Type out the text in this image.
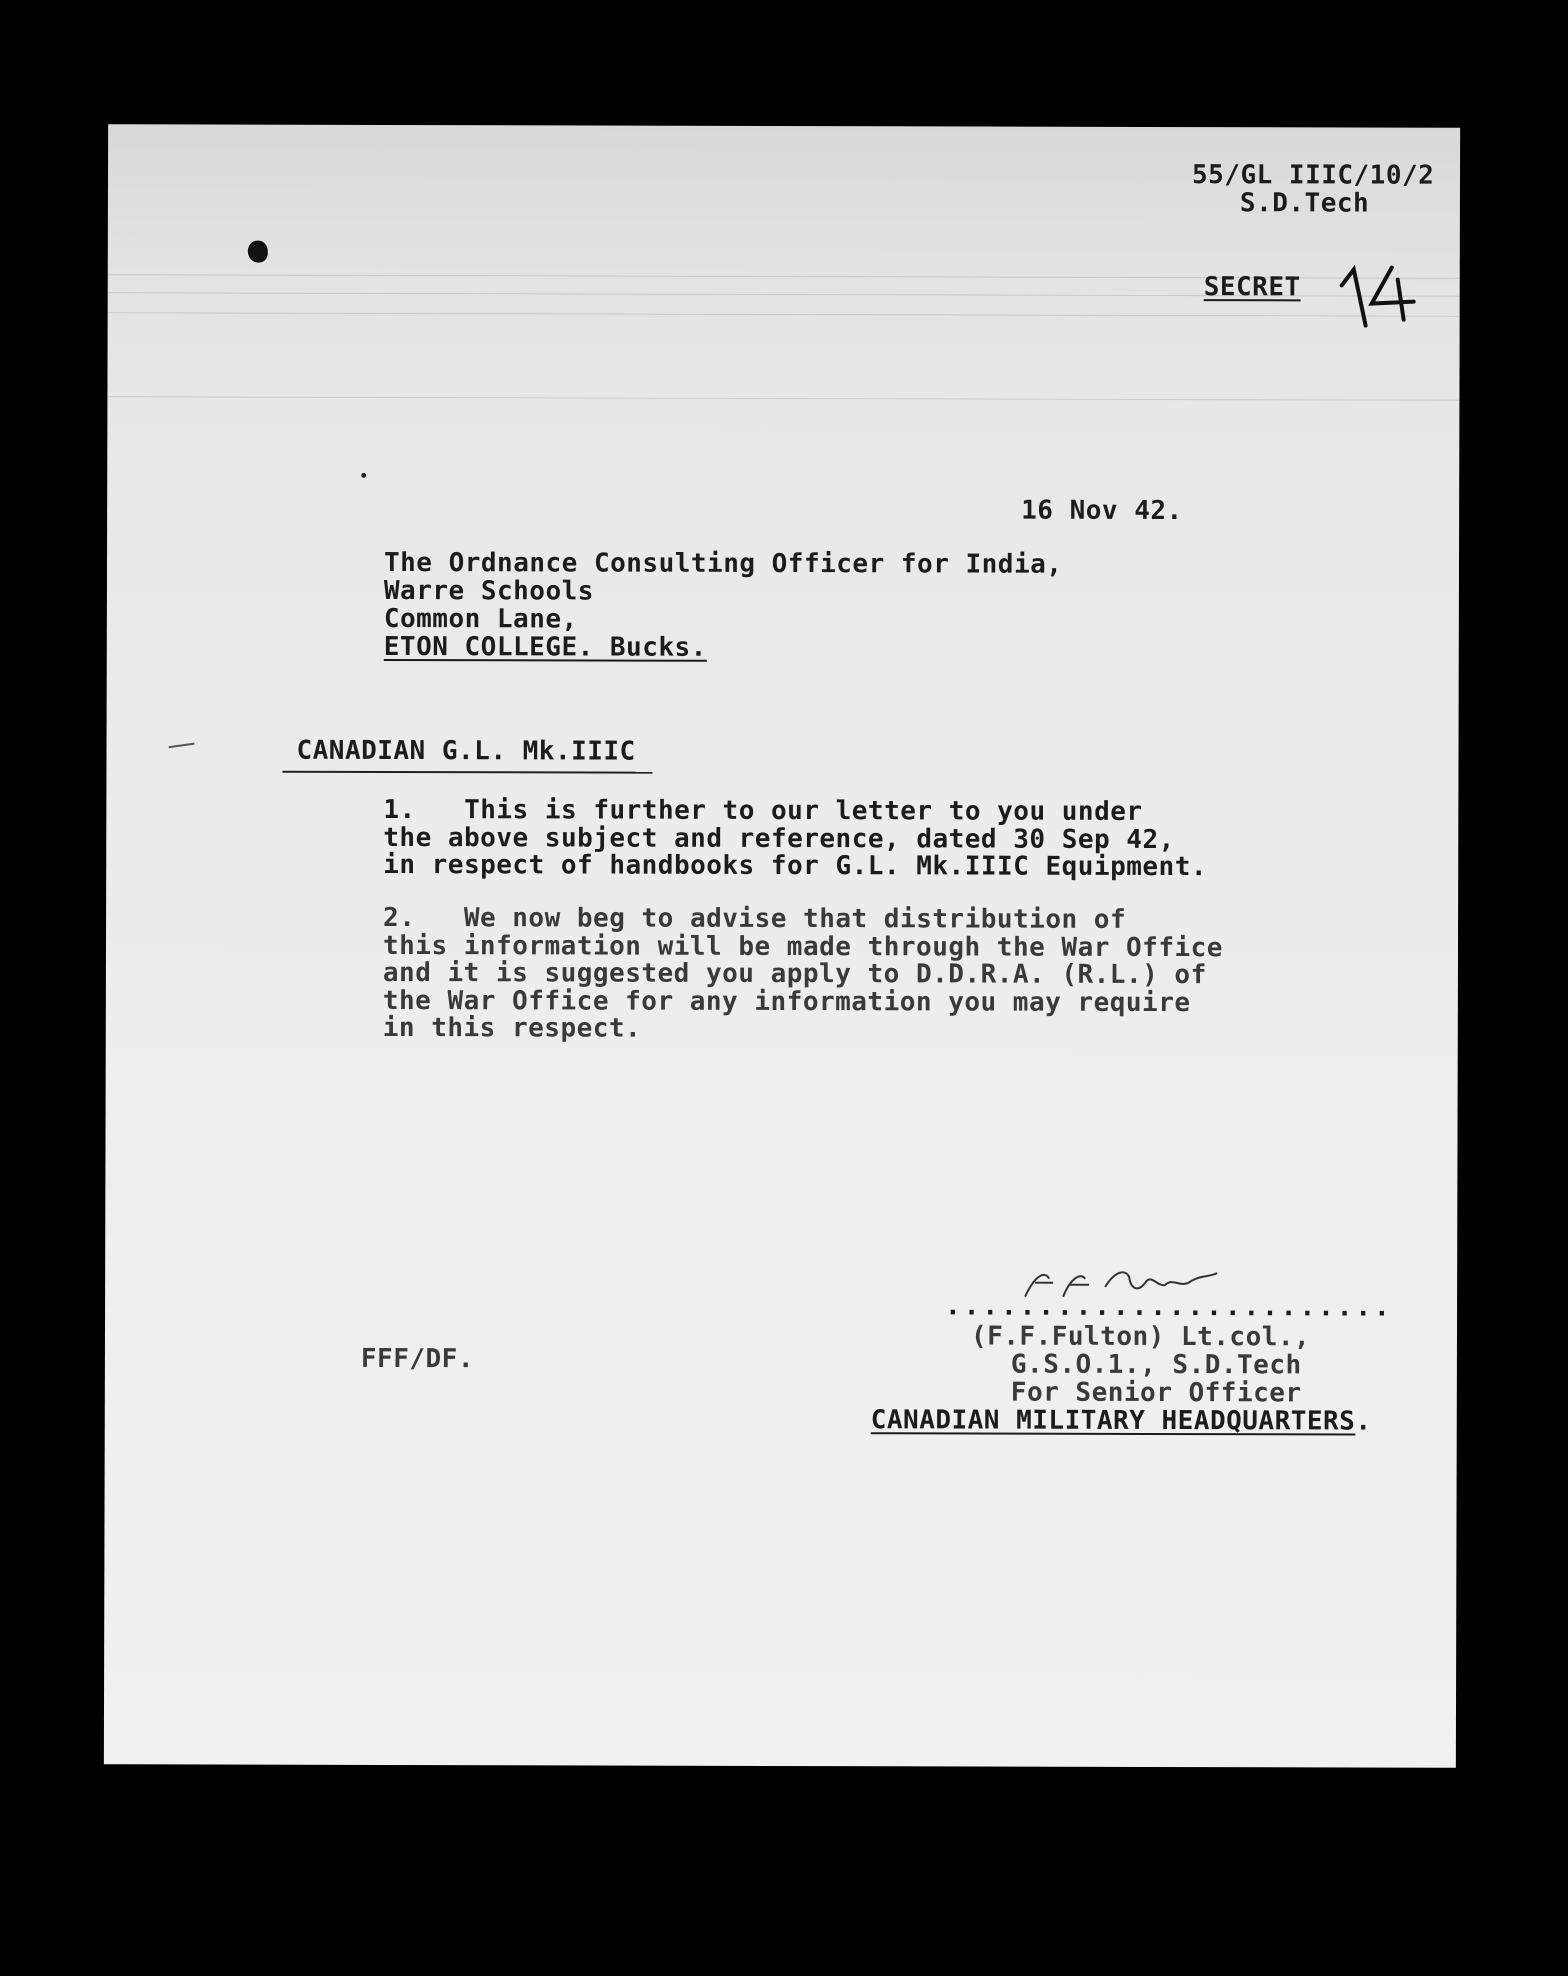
55/GL IIIC/10/2
S.D.Tech
SECRET
16 Nov 42.
The Ordnance Consulting Officer for India,
Warre Schools
Common Lane,
ETON COLLEGE. Bucks.
CANADIAN G.L. Mk.IIIC
1.   This is further to our letter to you under
the above subject and reference, dated 30 Sep 42,
in respect of handbooks for G.L. Mk.IIIC Equipment.
2.   We now beg to advise that distribution of
this information will be made through the War Office
and it is suggested you apply to D.D.R.A. (R.L.) of
the War Office for any information you may require
in this respect.
........................
(F.F.Fulton) Lt.col.,
G.S.O.1., S.D.Tech
For Senior Officer
CANADIAN MILITARY HEADQUARTERS.
FFF/DF.
